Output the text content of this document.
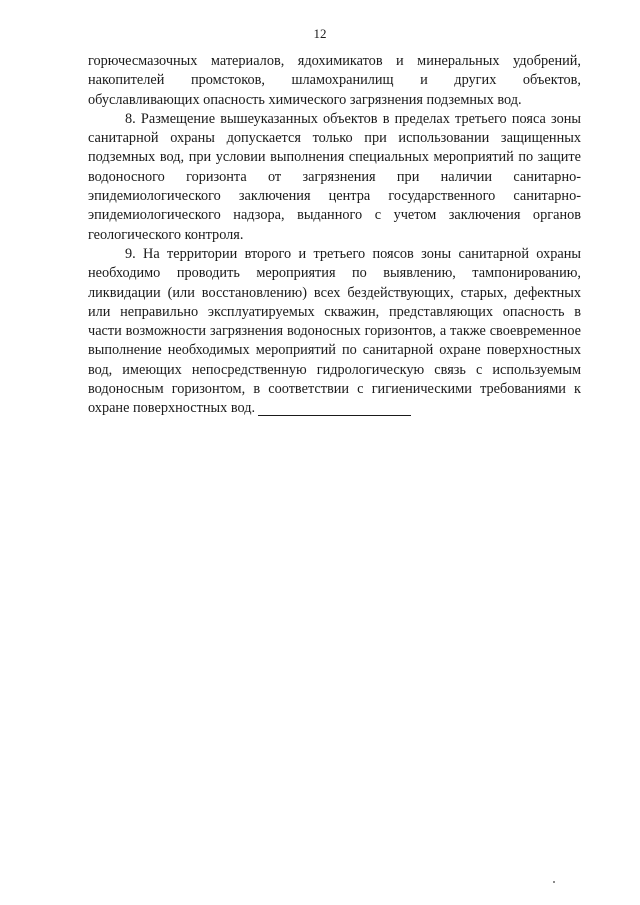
12

горючесмазочных материалов, ядохимикатов и минеральных удобрений, накопителей промстоков, шламохранилищ и других объектов, обуславливающих опасность химического загрязнения подземных вод.

8. Размещение вышеуказанных объектов в пределах третьего пояса зоны санитарной охраны допускается только при использовании защищенных подземных вод, при условии выполнения специальных мероприятий по защите водоносного горизонта от загрязнения при наличии санитарно-эпидемиологического заключения центра государственного санитарно-эпидемиологического надзора, выданного с учетом заключения органов геологического контроля.

9. На территории второго и третьего поясов зоны санитарной охраны необходимо проводить мероприятия по выявлению, тампонированию, ликвидации (или восстановлению) всех бездействующих, старых, дефектных или неправильно эксплуатируемых скважин, представляющих опасность в части возможности загрязнения водоносных горизонтов, а также своевременное выполнение необходимых мероприятий по санитарной охране поверхностных вод, имеющих непосредственную гидрологическую связь с используемым водоносным горизонтом, в соответствии с гигиеническими требованиями к охране поверхностных вод.
